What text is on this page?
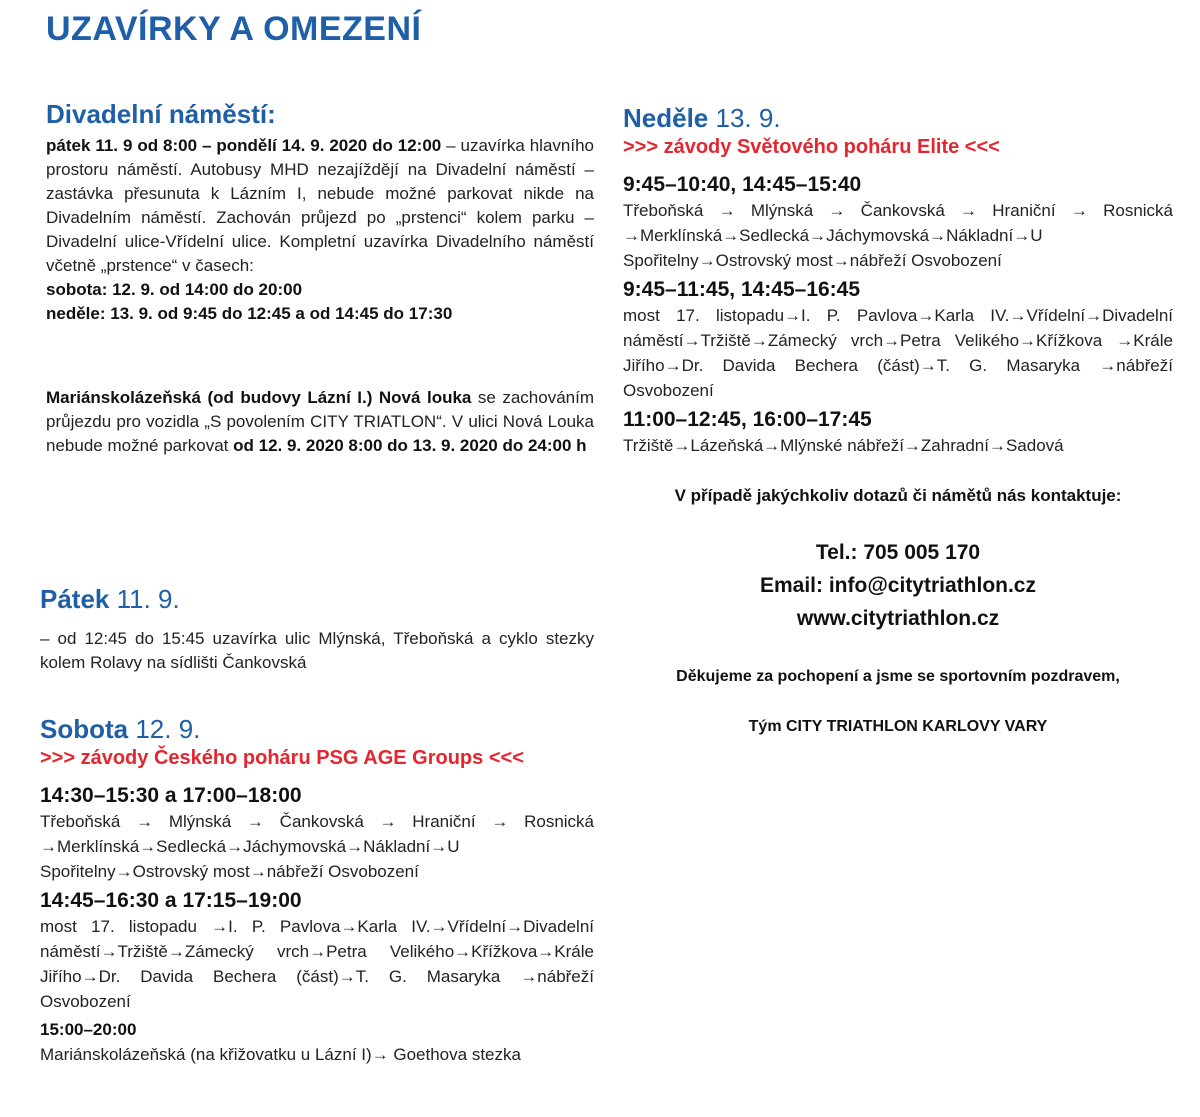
UZAVÍRKY A OMEZENÍ
Divadelní náměstí:

pátek 11. 9 od 8:00 – pondělí 14. 9. 2020 do 12:00 – uzavírka hlavního prostoru náměstí. Autobusy MHD nezajíždějí na Divadelní náměstí – zastávka přesunuta k Lázním I, nebude možné parkovat nikde na Divadelním náměstí. Zachován průjezd po „prstenci“ kolem parku – Divadelní ulice-Vřídelní ulice. Kompletní uzavírka Divadelního náměstí včetně „prstence“ v časech:

sobota: 12. 9. od 14:00 do 20:00

neděle: 13. 9. od 9:45 do 12:45 a od 14:45 do 17:30

Mariánskolázeňská (od budovy Lázní I.) Nová louka se zachováním průjezdu pro vozidla „S povolením CITY TRIATLON“. V ulici Nová Louka nebude možné parkovat od 12. 9. 2020 8:00 do 13. 9. 2020 do 24:00 h

Pátek 11. 9.

– od 12:45 do 15:45 uzavírka ulic Mlýnská, Třeboňská a cyklo stezky kolem Rolavy na sídlišti Čankovská

Sobota 12. 9.

>>> závody Českého poháru PSG AGE Groups <<<

14:30–15:30 a 17:00–18:00

Třeboňská → Mlýnská → Čankovská → Hraniční → Rosnická →Merklínská→Sedlecká→Jáchymovská→Nákladní→U Spořitelny→Ostrovský most→nábřeží Osvobození

14:45–16:30 a 17:15–19:00

most 17. listopadu →I. P. Pavlova→Karla IV.→Vřídelní→Divadelní náměstí→Tržiště→Zámecký vrch→Petra Velikého→Křížkova→Krále Jiřího→Dr. Davida Bechera (část)→T. G. Masaryka →nábřeží Osvobození

15:00–20:00

Mariánskolázeňská (na křižovatku u Lázní I)→ Goethova stezka

Neděle 13. 9.

>>> závody Světového poháru Elite <<<

9:45–10:40, 14:45–15:40

Třeboňská → Mlýnská → Čankovská → Hraniční → Rosnická →Merklínská→Sedlecká→Jáchymovská→Nákladní→U Spořitelny→Ostrovský most→nábřeží Osvobození

9:45–11:45, 14:45–16:45

most 17. listopadu→I. P. Pavlova→Karla IV.→Vřídelní→Divadelní náměstí→Tržiště→Zámecký vrch→Petra Velikého→Křížkova →Krále Jiřího→Dr. Davida Bechera (část)→T. G. Masaryka →nábřeží Osvobození

11:00–12:45, 16:00–17:45

Tržiště→Lázeňská→Mlýnské nábřeží→Zahradní→Sadová

V případě jakýchkoliv dotazů či námětů nás kontaktuje:

Tel.: 705 005 170

Email: info@citytriathlon.cz

www.citytriathlon.cz

Děkujeme za pochopení a jsme se sportovním pozdravem,

Tým CITY TRIATHLON KARLOVY VARY
